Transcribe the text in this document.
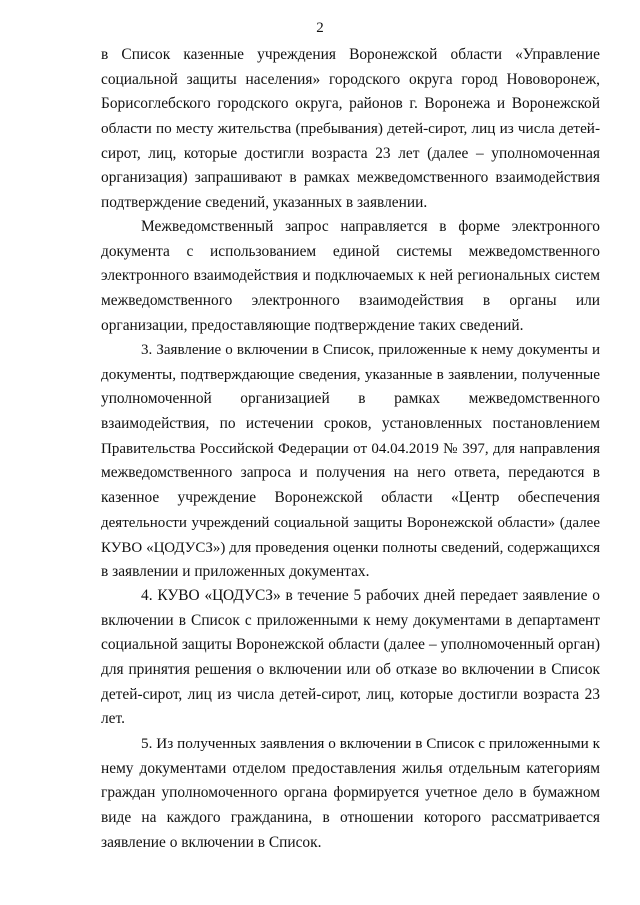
2
в Список казенные учреждения Воронежской области «Управление
социальной защиты населения» городского округа город Нововоронеж,
Борисоглебского городского округа, районов г. Воронежа и Воронежской
области по месту жительства (пребывания) детей-сирот, лиц из числа детей-
сирот, лиц, которые достигли возраста 23 лет (далее – уполномоченная
организация) запрашивают в рамках межведомственного взаимодействия
подтверждение сведений, указанных в заявлении.
Межведомственный запрос направляется в форме электронного
документа с использованием единой системы межведомственного
электронного взаимодействия и подключаемых к ней региональных систем
межведомственного электронного взаимодействия в органы или
организации, предоставляющие подтверждение таких сведений.
3. Заявление о включении в Список, приложенные к нему документы и
документы, подтверждающие сведения, указанные в заявлении, полученные
уполномоченной организацией в рамках межведомственного
взаимодействия, по истечении сроков, установленных постановлением
Правительства Российской Федерации от 04.04.2019 № 397, для направления
межведомственного запроса и получения на него ответа, передаются в
казенное учреждение Воронежской области «Центр обеспечения
деятельности учреждений социальной защиты Воронежской области» (далее
КУВО «ЦОДУСЗ») для проведения оценки полноты сведений, содержащихся
в заявлении и приложенных документах.
4. КУВО «ЦОДУСЗ» в течение 5 рабочих дней передает заявление о
включении в Список с приложенными к нему документами в департамент
социальной защиты Воронежской области (далее – уполномоченный орган)
для принятия решения о включении или об отказе во включении в Список
детей-сирот, лиц из числа детей-сирот, лиц, которые достигли возраста 23
лет.
5. Из полученных заявления о включении в Список с приложенными к
нему документами отделом предоставления жилья отдельным категориям
граждан уполномоченного органа формируется учетное дело в бумажном
виде на каждого гражданина, в отношении которого рассматривается
заявление о включении в Список.
